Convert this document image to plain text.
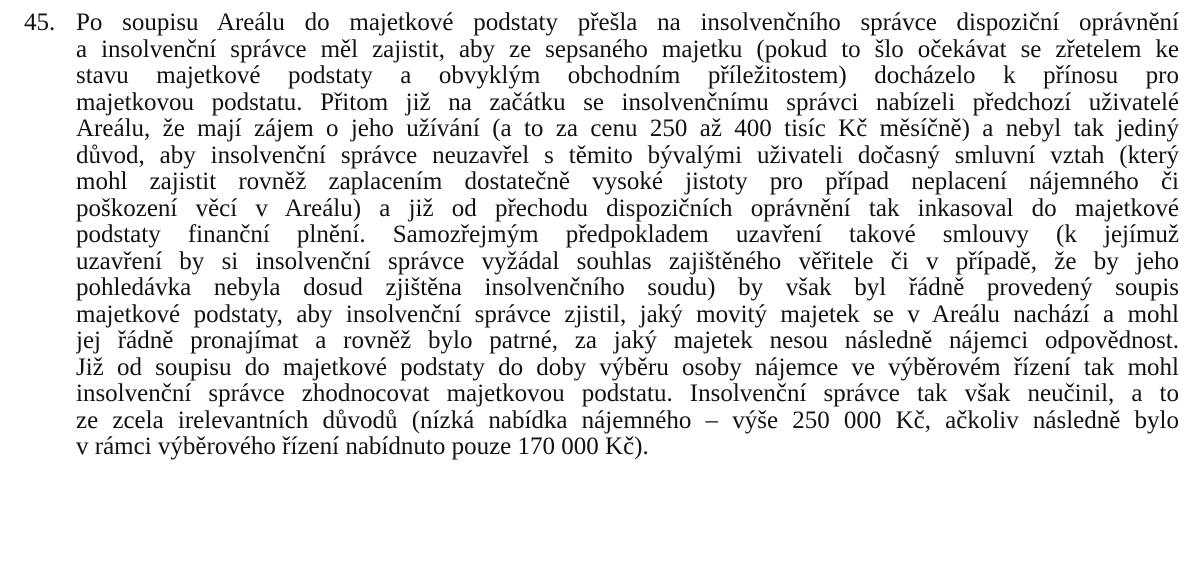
45. Po soupisu Areálu do majetkové podstaty přešla na insolvenčního správce dispoziční oprávnění
a insolvenční správce měl zajistit, aby ze sepsaného majetku (pokud to šlo očekávat se zřetelem ke
stavu majetkové podstaty a obvyklým obchodním příležitostem) docházelo k přínosu pro
majetkovou podstatu. Přitom již na začátku se insolvenčnímu správci nabízeli předchozí uživatelé
Areálu, že mají zájem o jeho užívání (a to za cenu 250 až 400 tisíc Kč měsíčně) a nebyl tak jediný
důvod, aby insolvenční správce neuzavřel s těmito bývalými uživateli dočasný smluvní vztah (který
mohl zajistit rovněž zaplacením dostatečně vysoké jistoty pro případ neplacení nájemného či
poškození věcí v Areálu) a již od přechodu dispozičních oprávnění tak inkasoval do majetkové
podstaty finanční plnění. Samozřejmým předpokladem uzavření takové smlouvy (k jejímuž
uzavření by si insolvenční správce vyžádal souhlas zajištěného věřitele či v případě, že by jeho
pohledávka nebyla dosud zjištěna insolvenčního soudu) by však byl řádně provedený soupis
majetkové podstaty, aby insolvenční správce zjistil, jaký movitý majetek se v Areálu nachází a mohl
jej řádně pronajímat a rovněž bylo patrné, za jaký majetek nesou následně nájemci odpovědnost.
Již od soupisu do majetkové podstaty do doby výběru osoby nájemce ve výběrovém řízení tak mohl
insolvenční správce zhodnocovat majetkovou podstatu. Insolvenční správce tak však neučinil, a to
ze zcela irelevantních důvodů (nízká nabídka nájemného – výše 250 000 Kč, ačkoliv následně bylo
v rámci výběrového řízení nabídnuto pouze 170 000 Kč).
